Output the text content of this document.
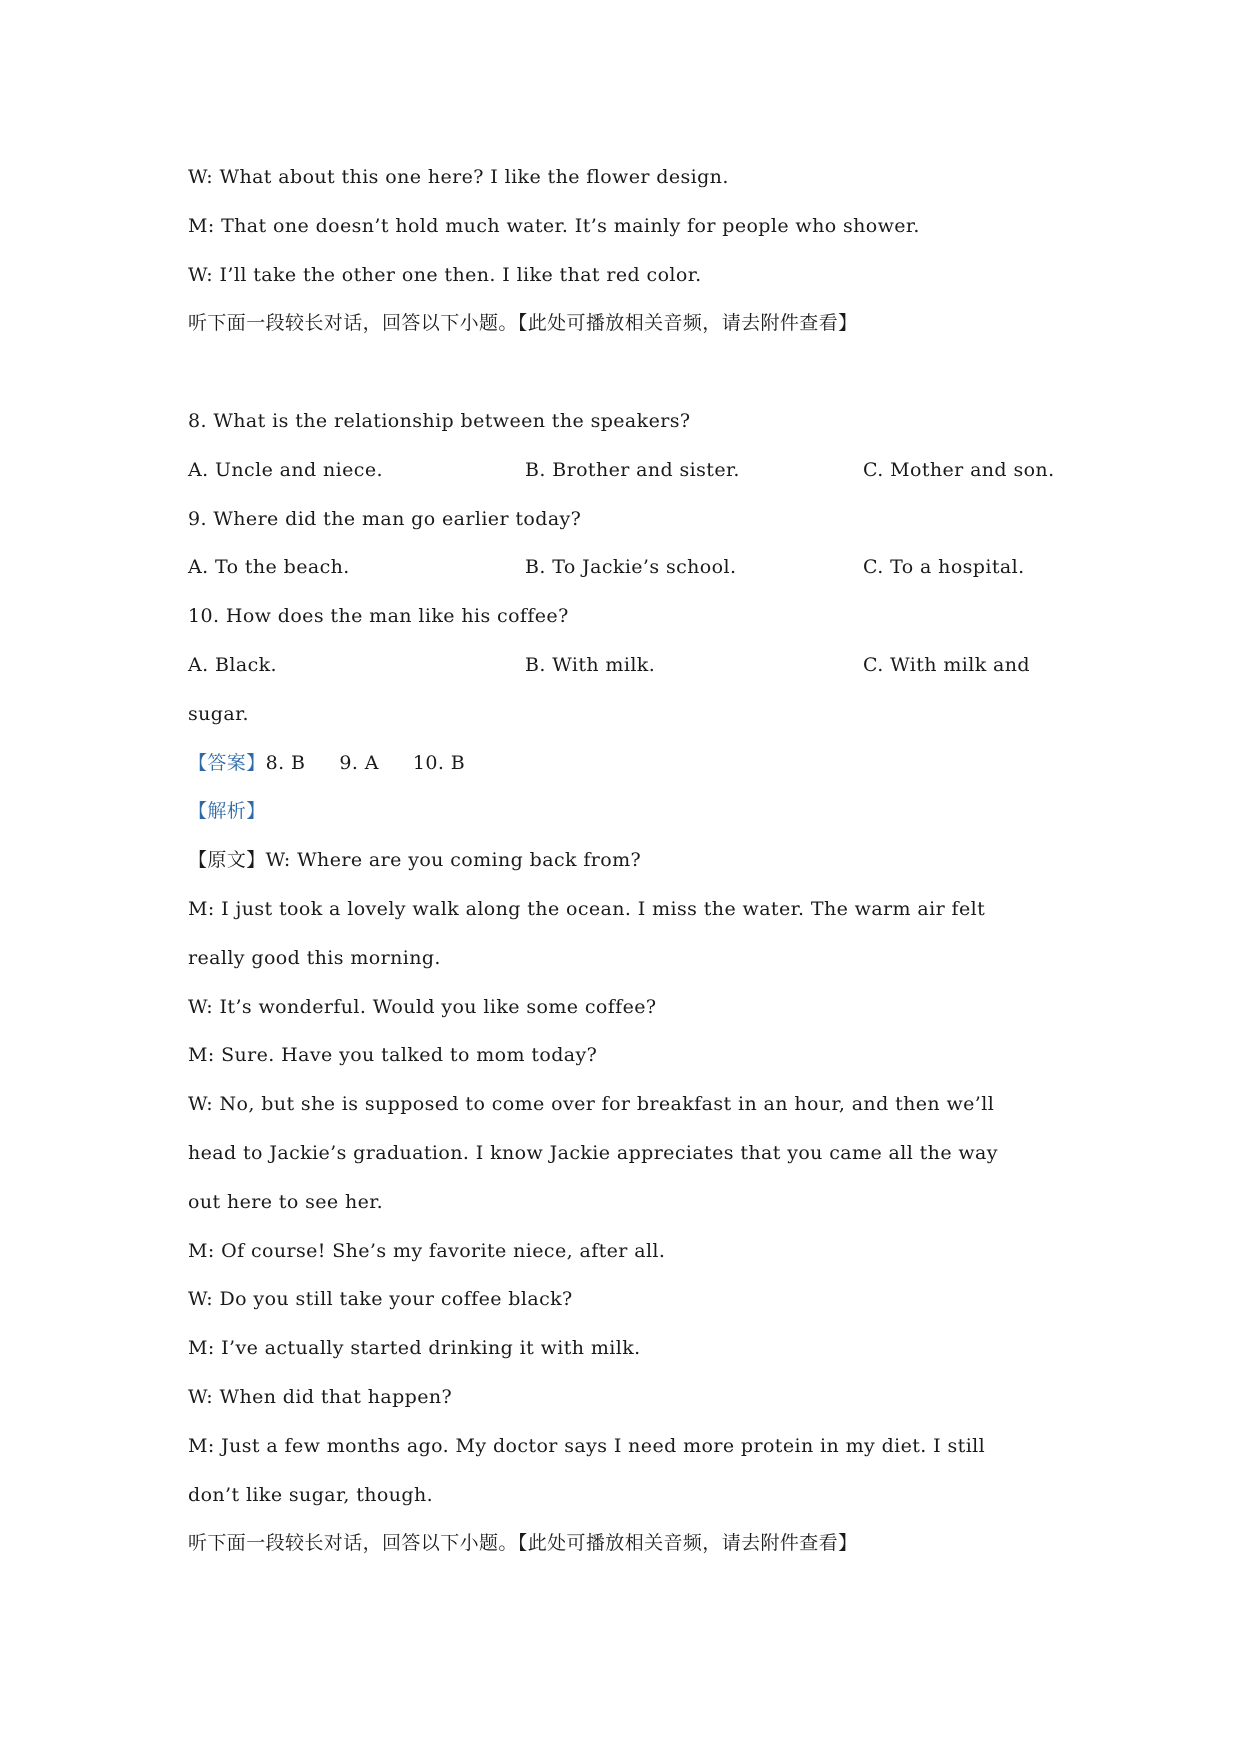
W: What about this one here? I like the flower design.
M: That one doesn’t hold much water. It’s mainly for people who shower.
W: I’ll take the other one then. I like that red color.
听下面一段较长对话，回答以下小题。【此处可播放相关音频，请去附件查看】
8. What is the relationship between the speakers?
A. Uncle and niece.	B. Brother and sister.	C. Mother and son.
9. Where did the man go earlier today?
A. To the beach.	B. To Jackie’s school.	C. To a hospital.
10. How does the man like his coffee?
A. Black.	B. With milk.	C. With milk and
sugar.
【答案】8. B 9. A 10. B
【解析】
【原文】W: Where are you coming back from?
M: I just took a lovely walk along the ocean. I miss the water. The warm air felt
really good this morning.
W: It’s wonderful. Would you like some coffee?
M: Sure. Have you talked to mom today?
W: No, but she is supposed to come over for breakfast in an hour, and then we’ll
head to Jackie’s graduation. I know Jackie appreciates that you came all the way
out here to see her.
M: Of course! She’s my favorite niece, after all.
W: Do you still take your coffee black?
M: I’ve actually started drinking it with milk.
W: When did that happen?
M: Just a few months ago. My doctor says I need more protein in my diet. I still
don’t like sugar, though.
听下面一段较长对话，回答以下小题。【此处可播放相关音频，请去附件查看】
